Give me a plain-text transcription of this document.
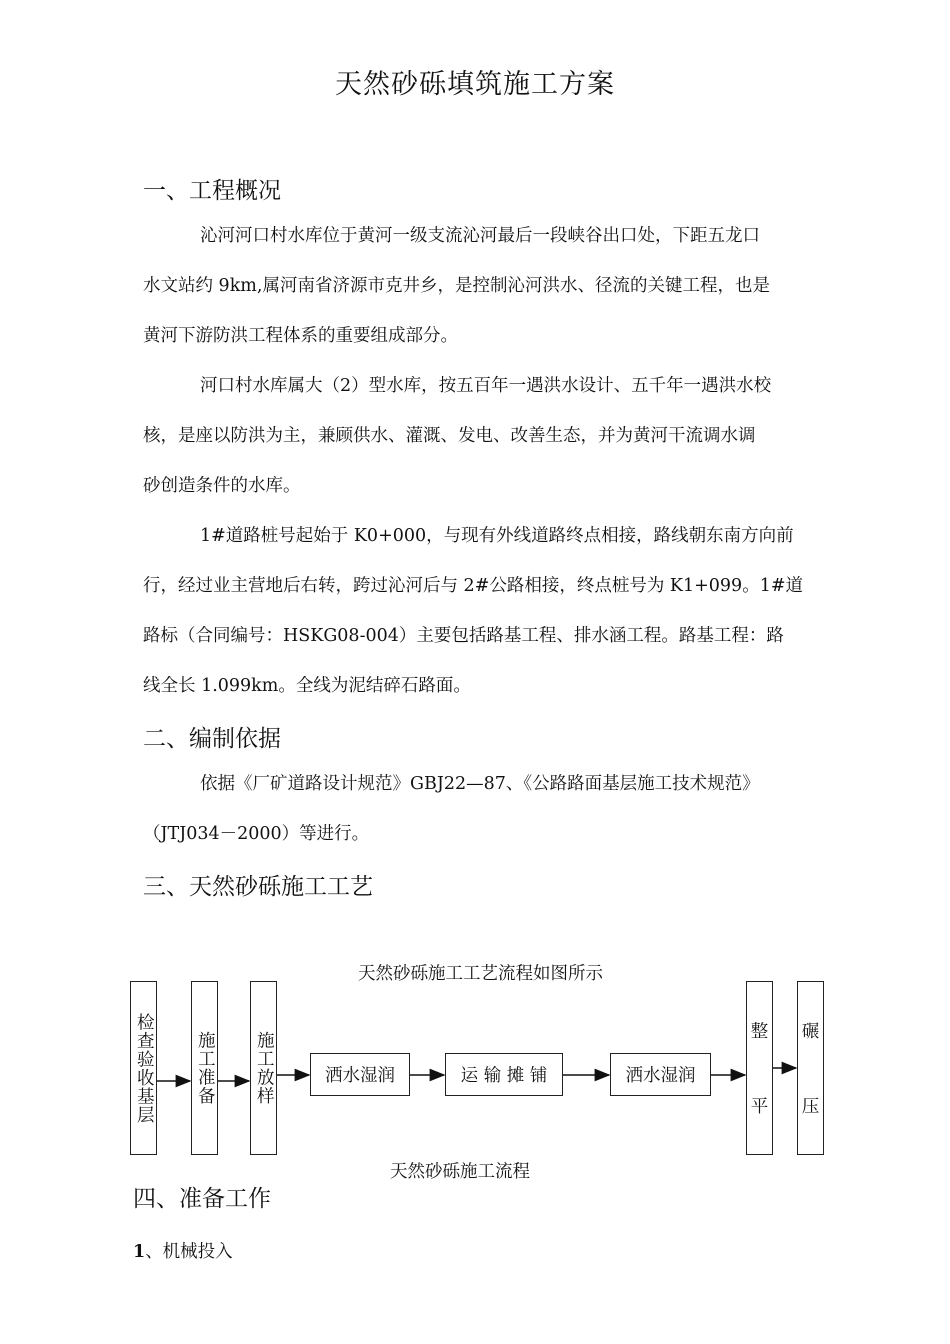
天然砂砾填筑施工方案
一、工程概况
沁河河口村水库位于黄河一级支流沁河最后一段峡谷出口处，下距五龙口
水文站约 9km,属河南省济源市克井乡，是控制沁河洪水、径流的关键工程，也是
黄河下游防洪工程体系的重要组成部分。
河口村水库属大（2）型水库，按五百年一遇洪水设计、五千年一遇洪水校
核，是座以防洪为主，兼顾供水、灌溉、发电、改善生态，并为黄河干流调水调
砂创造条件的水库。
1#道路桩号起始于 K0+000，与现有外线道路终点相接，路线朝东南方向前
行，经过业主营地后右转，跨过沁河后与 2#公路相接，终点桩号为 K1+099。1#道
路标（合同编号：HSKG08-004）主要包括路基工程、排水涵工程。路基工程：路
线全长 1.099km。全线为泥结碎石路面。
二、编制依据
依据《厂矿道路设计规范》GBJ22—87、《公路路面基层施工技术规范》
（JTJ034－2000）等进行。
三、天然砂砾施工工艺
天然砂砾施工工艺流程如图所示
检查验收基层 施工准备 施工放样	洒水湿润	运 输 摊 铺	洒水湿润
整
平
碾
压
天然砂砾施工流程
四、准备工作
1、机械投入
